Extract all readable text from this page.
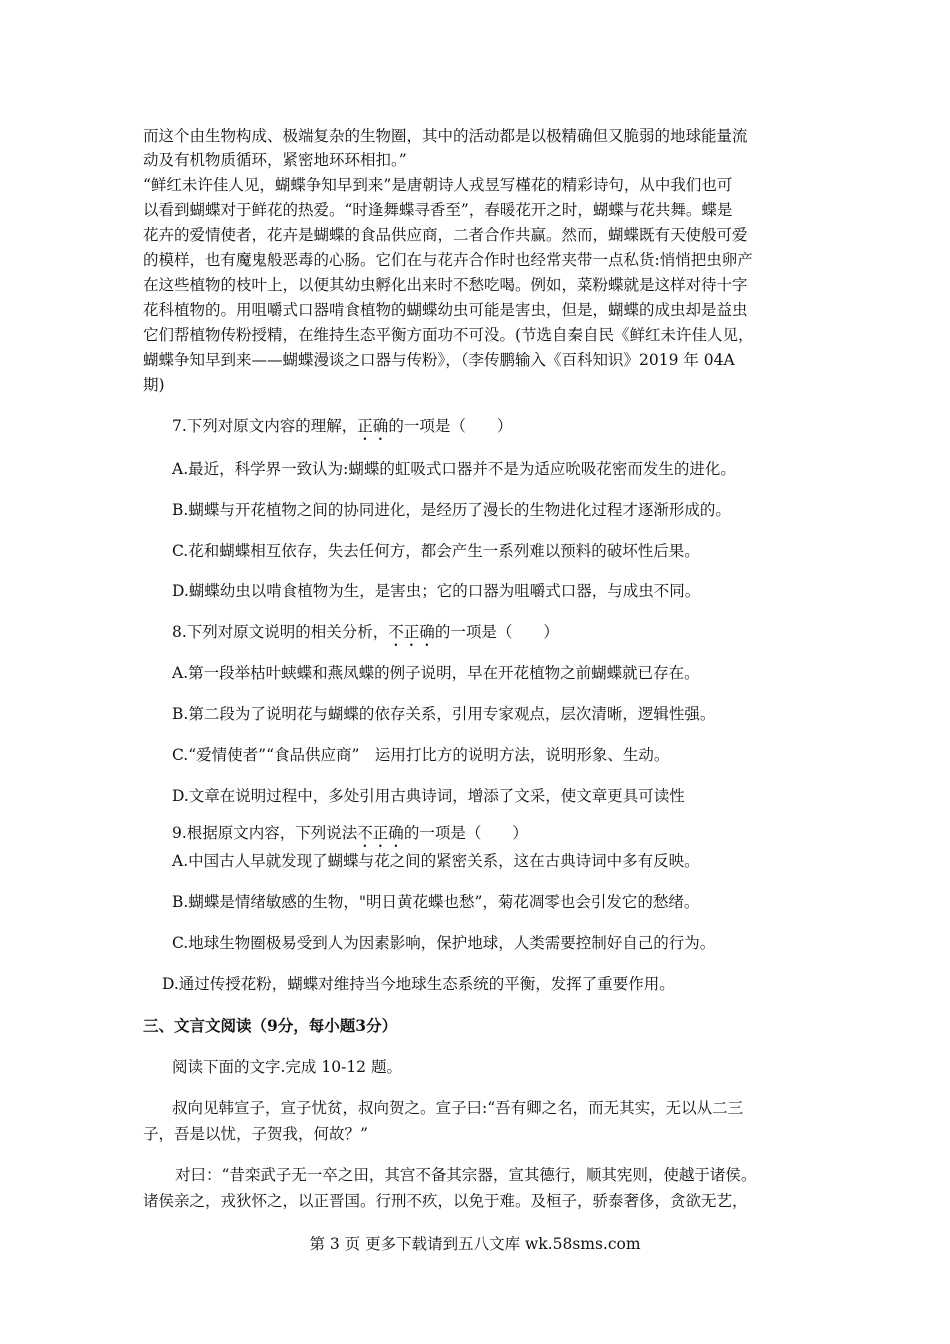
而这个由生物构成、极端复杂的生物圈，其中的活动都是以极精确但又脆弱的地球能量流
动及有机物质循环，紧密地环环相扣。”
“鲜红未许佳人见，蝴蝶争知早到来”是唐朝诗人戎昱写槿花的精彩诗句，从中我们也可
以看到蝴蝶对于鲜花的热爱。“时逢舞蝶寻香至”，春暖花开之时，蝴蝶与花共舞。蝶是
花卉的爱情使者，花卉是蝴蝶的食品供应商，二者合作共赢。然而，蝴蝶既有天使般可爱
的模样，也有魔鬼般恶毒的心肠。它们在与花卉合作时也经常夹带一点私货:悄悄把虫卵产
在这些植物的枝叶上，以便其幼虫孵化出来时不愁吃喝。例如，菜粉蝶就是这样对待十字
花科植物的。用咀嚼式口器啃食植物的蝴蝶幼虫可能是害虫，但是，蝴蝶的成虫却是益虫
它们帮植物传粉授精，在维持生态平衡方面功不可没。(节选自秦自民《鲜红未许佳人见，
蝴蝶争知早到来——蝴蝶漫谈之口器与传粉》，（李传鹏输入《百科知识》2019 年 04A
期)
7.下列对原文内容的理解，正确的一项是（　　）
A.最近，科学界一致认为:蝴蝶的虹吸式口器并不是为适应吮吸花密而发生的进化。
B.蝴蝶与开花植物之间的协同进化，是经历了漫长的生物进化过程才逐渐形成的。
C.花和蝴蝶相互依存，失去任何方，都会产生一系列难以预料的破坏性后果。
D.蝴蝶幼虫以啃食植物为生，是害虫；它的口器为咀嚼式口器，与成虫不同。
8.下列对原文说明的相关分析，不正确的一项是（　　）
A.第一段举枯叶蛱蝶和燕凤蝶的例子说明，早在开花植物之前蝴蝶就已存在。
B.第二段为了说明花与蝴蝶的依存关系，引用专家观点，层次清晰，逻辑性强。
C.“爱情使者”“食品供应商”　运用打比方的说明方法，说明形象、生动。
D.文章在说明过程中，多处引用古典诗词，增添了文采，使文章更具可读性
9.根据原文内容，下列说法不正确的一项是（　　）
A.中国古人早就发现了蝴蝶与花之间的紧密关系，这在古典诗词中多有反映。
B.蝴蝶是情绪敏感的生物，"明日黄花蝶也愁”，菊花凋零也会引发它的愁绪。
C.地球生物圈极易受到人为因素影响，保护地球，人类需要控制好自己的行为。
D.通过传授花粉，蝴蝶对维持当今地球生态系统的平衡，发挥了重要作用。
三、文言文阅读（9分，每小题3分）
阅读下面的文字.完成 10-12 题。
叔向见韩宣子，宣子忧贫，叔向贺之。宣子曰:“吾有卿之名，而无其实，无以从二三
子，吾是以忧，子贺我，何故？”
对曰：“昔栾武子无一卒之田，其宫不备其宗器，宣其德行，顺其宪则，使越于诸侯。
诸侯亲之，戎狄怀之，以正晋国。行刑不疚，以免于难。及桓子，骄泰奢侈，贪欲无艺，
第 3 页 更多下载请到五八文库 wk.58sms.com
